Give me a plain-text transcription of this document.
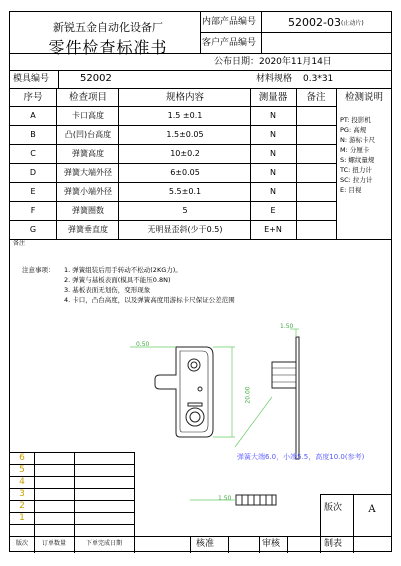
新锐五金自动化设备厂
零件检查标准书
内部产品编号	52002-03 (止动片)
客户产品编号
公布日期：2020年11月14日
模具编号	52002	材料规格 0.3*31
序号	检查项目	规格内容	测量器	备注	检测说明
A	卡口高度	1.5 ±0.1	N
B	凸(凹)台高度	1.5±0.05	N
C	弹簧高度	10±0.2	N
D	弹簧大端外径	6±0.05	N
E	弹簧小端外径	5.5±0.1	N
F	弹簧圈数	5	E
G	弹簧垂直度	无明显歪斜(少于0.5)	E+N
PT: 投影机
PG: 高规
N: 游标卡尺
M: 分厘卡
S: 螺纹量规
TC: 扭力计
SC: 拉力计
E: 目视
备注
注意事项： 1. 弹簧组装后用手转动不松动(2KG力)。
2. 弹簧与基板表面(模具不能压0.8N)
3. 基板表面无划伤，变形现象
4. 卡口，凸台高度，以及弹簧高度用游标卡尺保证公差范围
1.50
0.50
20.00
1.50
弹簧大端6.0，小端5.5，高度10.0(参考)
6
5
4
3
2
1
版次	订单数量	下单完成日期
版次	A
核准	审核	制表
